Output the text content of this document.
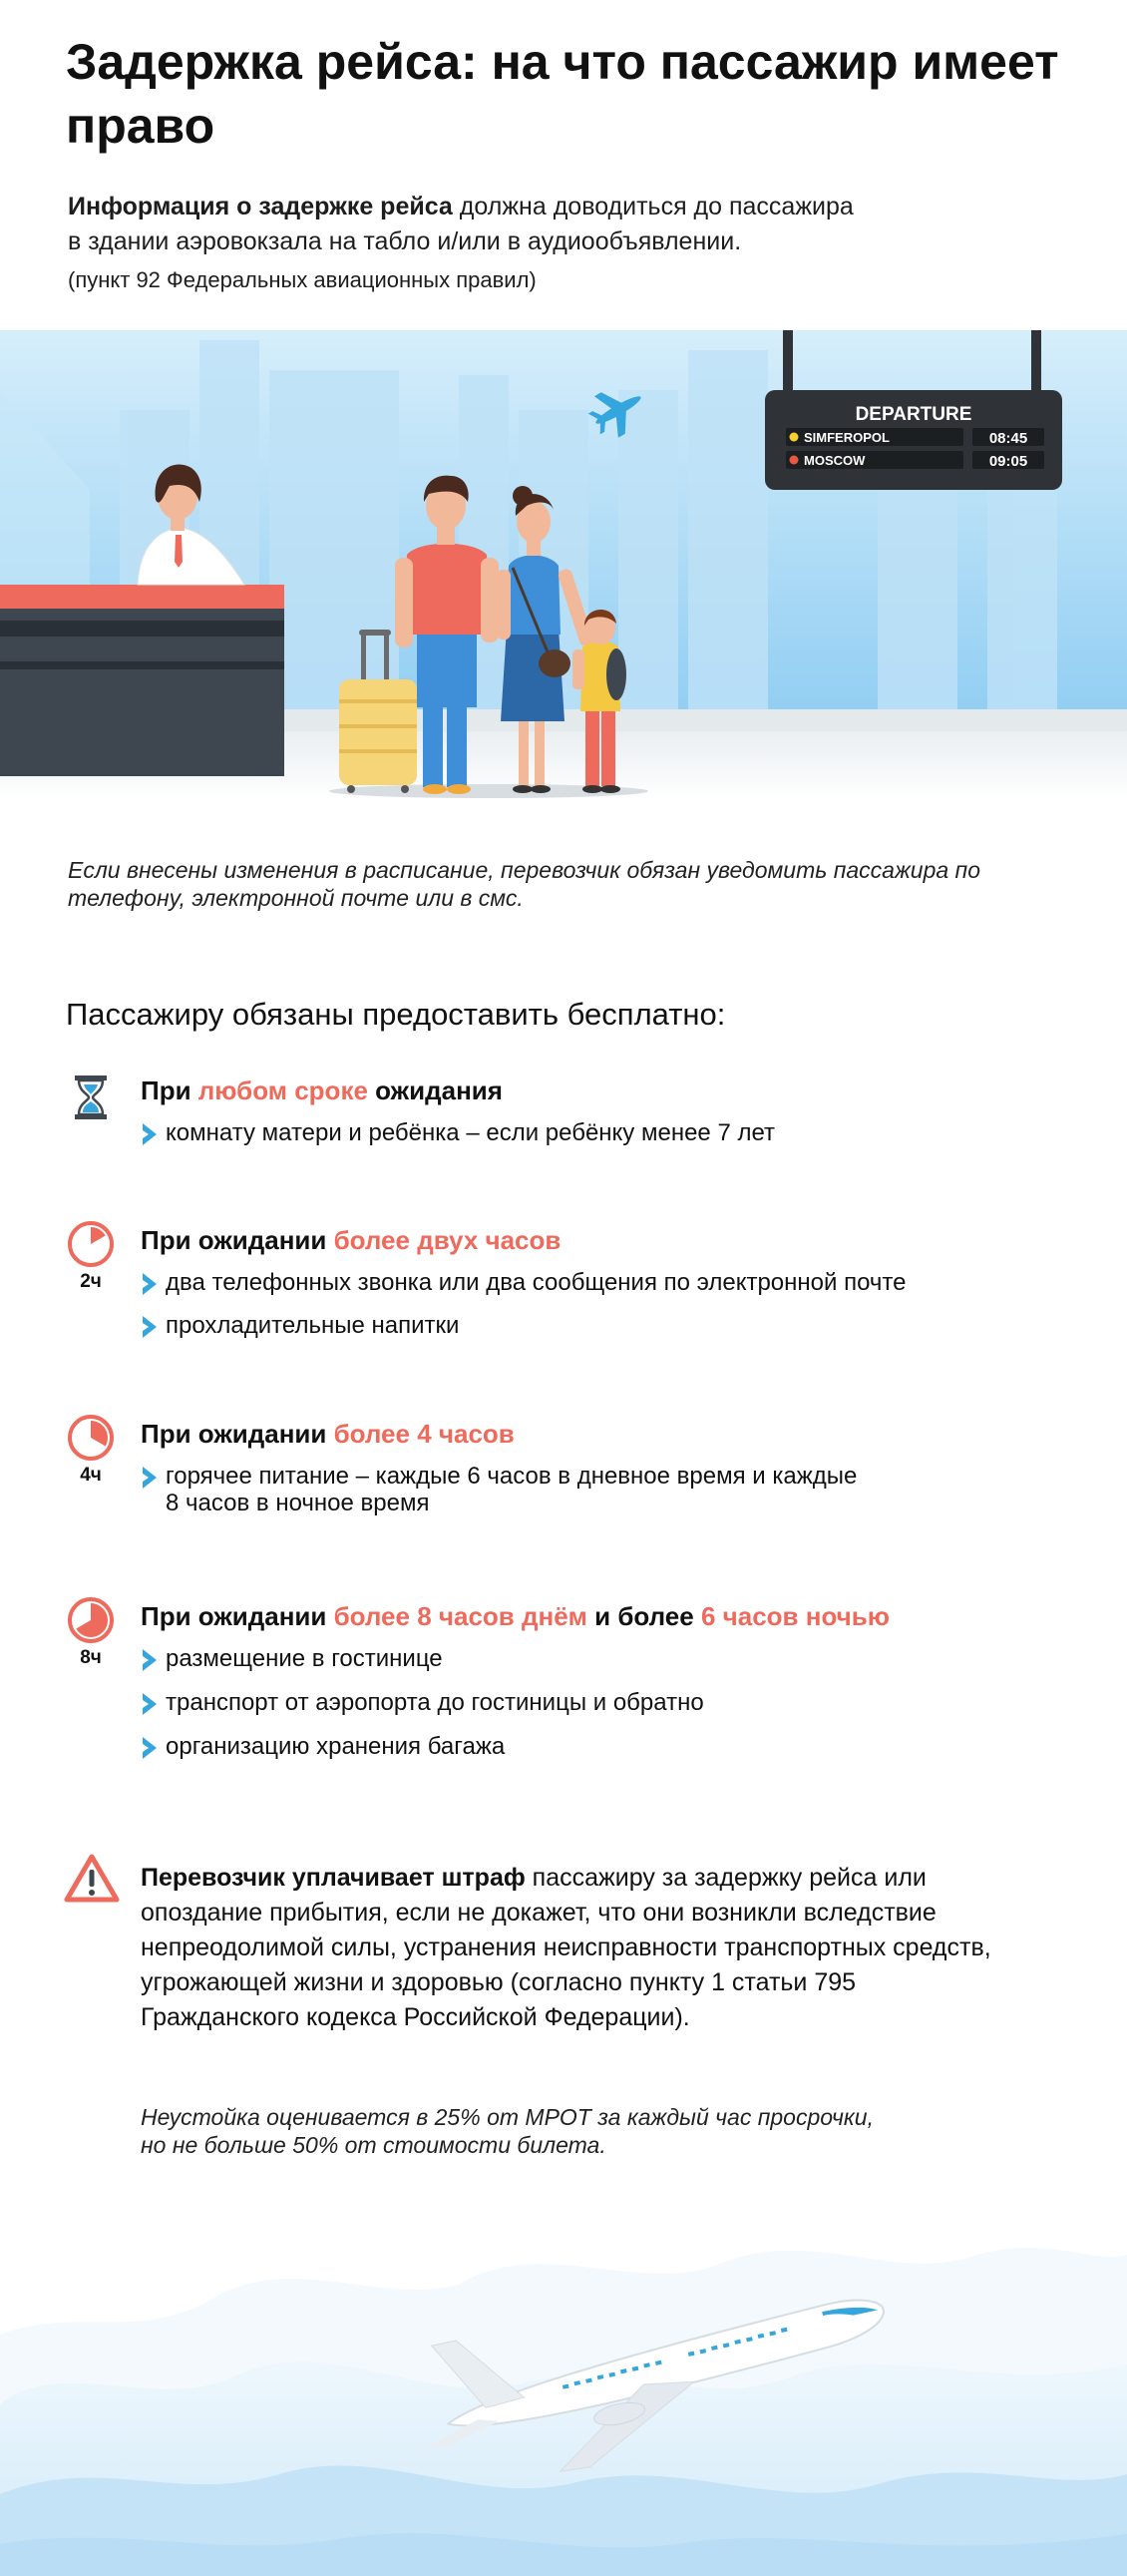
Задержка рейса: на что пассажир имеет право
Информация о задержке рейса должна доводиться до пассажира
в здании аэровокзала на табло и/или в аудиообъявлении.
(пункт 92 Федеральных авиационных правил)
DEPARTURE
SIMFEROPOL	08:45
MOSCOW	09:05
Если внесены изменения в расписание, перевозчик обязан уведомить пассажира по телефону, электронной почте или в смс.
Пассажиру обязаны предоставить бесплатно:
При любом сроке ожидания
комнату матери и ребёнка – если ребёнку менее 7 лет
2ч
При ожидании более двух часов
два телефонных звонка или два сообщения по электронной почте
прохладительные напитки
4ч
При ожидании более 4 часов
горячее питание – каждые 6 часов в дневное время и каждые
8 часов в ночное время
8ч
При ожидании более 8 часов днём и более 6 часов ночью
размещение в гостинице
транспорт от аэропорта до гостиницы и обратно
организацию хранения багажа
Перевозчик уплачивает штраф пассажиру за задержку рейса или опоздание прибытия, если не докажет, что они возникли вследствие непреодолимой силы, устранения неисправности транспортных средств, угрожающей жизни и здоровью (согласно пункту 1 статьи 795 Гражданского кодекса Российской Федерации).
Неустойка оценивается в 25% от МРОТ за каждый час просрочки,
но не больше 50% от стоимости билета.
